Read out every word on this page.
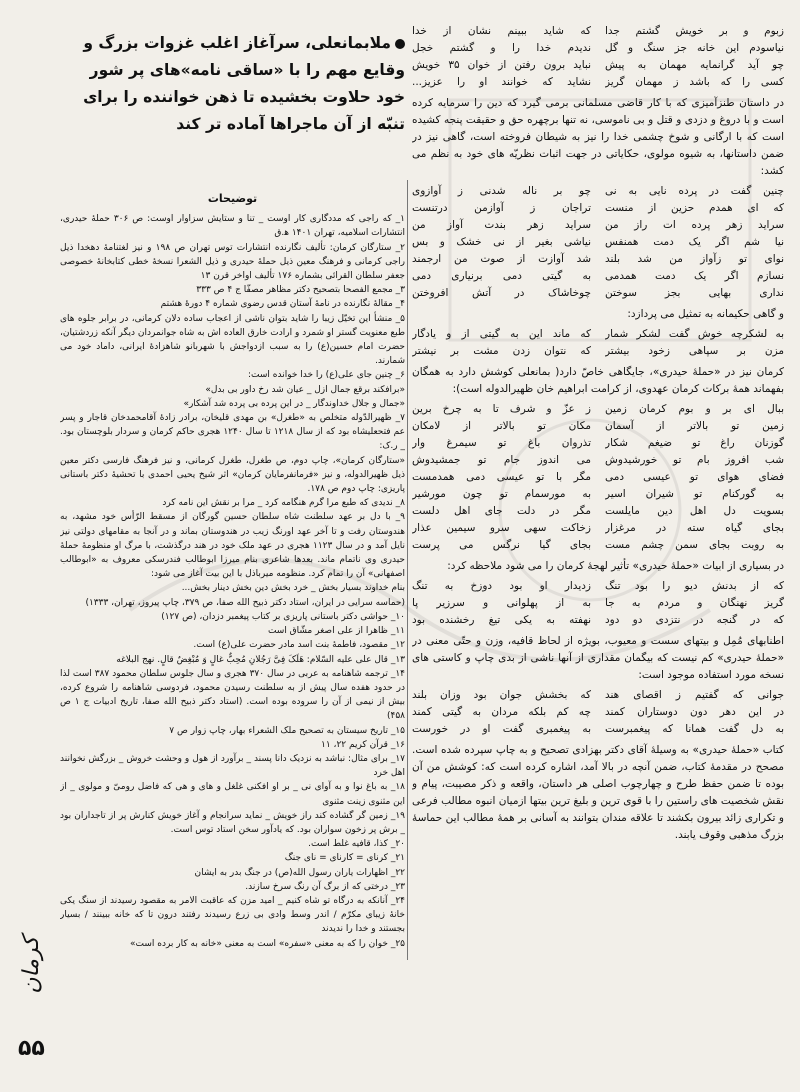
ملابمانعلی، سرآغاز اغلب غزوات بزرگ و وقایع مهم را با «ساقی نامه»های پر شور خود حلاوت بخشیده تا ذهن خواننده را برای تنبّه از آن ماجراها آماده تر کند
زبوم و بر خویش گشتم جدا
که شاید ببینم نشان از خدا
نیاسودم این خانه جز سنگ و گل
ندیدم خدا را و گشتم خجل
چو آید گرانمایه مهمان به پیش
نباید برون رفتن از خوان ۳۵ خویش
کسی را که باشد ز مهمان گریز
نشاید که خوانند او را عزیز...

در داستان طنزآمیزی که با کار قاضی مسلمانی برمی گیرد که دین را سرمایه کرده است و با دروغ و دزدی و قتل و بی ناموسی، نه تنها برچهره حق و حقیقت پنجه کشیده است که با ارگانی و شوخ چشمی خدا را نیز به شیطان فروخته است، گاهی نیز در ضمن داستانها، به شیوه مولوی، حکایاتی در جهت اثبات نظریّه های خود به نظم می کشد:

چنین گفت در پرده نایی به نی
چو بر ناله شدنی ز آوازوی
که ای همدم حزین از منست
تراجان ز آوازمن درتنست
سراید زهر پرده ات راز من
سراید زهر بندت آواز من
نیا شم اگر یک دمت همنفس
نیاشی بغیر از نی خشک و بس
نوای تو زآواز من شد بلند
شد آوازت از صوت من ارجمند
نسازم اگر یک دمت همدمی
به گیتی دمی برنیاری دمی
نداری بهایی بجز سوختن
چوخاشاک در آتش افروختن

و گاهی حکیمانه به تمثیل می پردازد:

به لشکرچه خوش گفت لشکر شمار
که ماند این به گیتی از و یادگار
مزن بر سپاهی زخود بیشتر
که نتوان زدن مشت بر نیشتر

کرمان نیز در «حملهٔ حیدری»، جایگاهی خاصّ دارد( بمانعلی کوشش دارد به همگان بفهماند همهٔ برکات کرمان عهدوی، از کرامت ابراهیم خان ظهیرالدوله است):

ببال ای بر و بوم کرمان زمین
ز عزّ و شرف تا به چرخ برین
زمین تو بالاتر از آسمان
مکان تو بالاتر از لامکان
گوزنان راغ تو ضیغم شکار
تذروان باغ تو سیمرغ وار
شب افروز بام تو خورشیدوش
می اندوز جام تو جمشیدوش
فضای هوای تو عیسی دمی
مگر با تو عیسی دمی همدمست
به گورکنام تو شیران اسیر
به مورسمام تو چون مورشیر
بسویت دل اهل دین مایلست
مگر در دلت جای اهل دلست
بجای گیاه سته در مرغزار
زخاکت سهی سرو سیمین عذار
به روبت بجای سمن چشم مست
بجای گیا نرگس می پرست

در بسیاری از ابیات «حملهٔ حیدری» تأثیر لهجهٔ کرمان را می شود ملاحظه کرد:

که از بدنش دیو را بود تنگ
زدیدار او بود دوزخ به تنگ
گریز نهنگان و مردم به جا
به از پهلوانی و سرزیر پا
که در گنجه در نتزدی دو دود
نهفته به یکی تیغ رخشنده بود

اطنابهای مُمِل و بیتهای سست و معیوب، بویژه از لحاظ قافیه، وزن و حتّی معنی در «حملهٔ حیدری» کم نیست که بیگمان مقداری از آنها ناشی از بدی چاپ و کاستی های نسخه مورد استفاده موجود است:

جوانی که گفتیم ز اقصای هند
که بخشش جوان بود وزان بلند
در این دهر دون دوستاران کمند
چه کم بلکه مردان به گیتی کمند
به دل گفت همانا که پیغمبرست
به پیغمبری گفت او در خورست

کتاب «حملهٔ حیدری» به وسیلهٔ آقای دکتر بهزادی تصحیح و به چاپ سپرده شده است. مصحح در مقدمهٔ کتاب، ضمن آنچه در بالا آمد، اشاره کرده است که: کوشش من آن بوده تا ضمن حفظ طرح و چهارچوب اصلی هر داستان، واقعه و ذکر مصیبت، پیام و نقش شخصیت های راستین را با قوی ترین و بلیغ ترین بیتها ازمیان انبوه مطالب فرعی و تکراری زائد بیرون بکشند تا علاقه مندان بتوانند به آسانی بر همهٔ مطالب این حماسهٔ بزرگ مذهبی وقوف یابند.

توضیحات

۱_ که راجی که مددگاری کار اوست _ تنا و ستایش سزاوار اوست: ص ۳۰۶ حملهٔ حیدری، انتشارات اسلامیه، تهران ۱۴۰۱ ه‍.ق

۲_ ستارگان کرمان: تألیف نگارنده انتشارات توس تهران ص ۱۹۸ و نیز لغتنامهٔ دهخدا ذیل راجی کرمانی و فرهنگ معین ذیل حملهٔ حیدری و ذیل الشعرا نسخهٔ خطی کتابخانهٔ خصوصی جعفر سلطان القرائی بشماره ۱۷۶ تألیف اواخر قرن ۱۳

۳_ مجمع الفصحا بتصحیح دکتر مظاهر مصفّا ج ۴ ص ۳۳۳

۴_ مقالهٔ نگارنده در نامهٔ آستان قدس رضوی شماره ۴ دورهٔ هشتم

۵_ منشأ این تخیّل زیبا را شاید بتوان ناشی از اعجاب ساده دلان کرمانی، در برابر جلوه های طبع معنویت گستر او شمرد و ارادت خارق العاده اش به شاه جوانمردان دیگر آنکه زردشتیان، حضرت امام حسین(ع) را به سبب ازدواجش با شهربانو شاهزادهٔ ایرانی، داماد خود می شمارند.

۶_ چنین جای علی(ع) را خدا خوانده است:

«برافکند برقع جمال ازل _ عیان شد رخ داور بی بدل»

«جمال و جلال خداوندگار _ در این پرده بی پرده شد آشکار»

۷_ ظهیرالدّوله متخلص به «طغرل» بن مهدی قلیخان، برادر زادهٔ آقامحمدخان قاجار و پسر عم فتحعلیشاه بود که از سال ۱۲۱۸ تا سال ۱۲۴۰ هجری حاکم کرمان و سردار بلوچستان بود. _ ر.ک:

«ستارگان کرمان»، چاپ دوم، ص طغرل، طغرل کرمانی، و نیز فرهنگ فارسی دکتر معین ذیل ظهیرالدوله، و نیز «فرمانفرمایان کرمان» اثر شیخ یحیی احمدی با تحشیهٔ دکتر باستانی پاریزی: چاپ دوم ص ۱۷۸.

۸_ ندیدی که طبع مرا گرم هنگامه کرد _ مرا بر نقش این نامه کرد

۹_ با دل بر عهد سلطنت شاه سلطان حسین گورگان از مسقط الرّأس خود مشهد، به هندوستان رفت و تا آخر عهد اورنگ زیب در هندوستان بماند و در آنجا به مقامهای دولتی نیز نایل آمد و در سال ۱۱۲۳ هجری در عهد ملک خود در هند درگذشت، با مرگ او منظومهٔ حملهٔ حیدری وی ناتمام ماند. بعدها شاعری بنام میرزا ابوطالب فندرسکی معروف به «ابوطالب اصفهانی» آن را تمام کرد. منظومه میرباذل با این بیت آغاز می شود:

بنام خداوند بسیار بخش _ خرد بخش دین بخش دینار بخش...

(حماسه سرایی در ایران، استاد دکتر ذبیح الله صفا، ص ۳۷۹، چاپ پیروز، تهران، ۱۳۳۳)

۱۰_ حواشی دکتر باستانی پاریزی بر کتاب پیغمبر دزدان، (ص ۱۲۷)

۱۱_ ظاهرا از علی اصغر مشّاق است

۱۲_ مقصود، فاطمهٔ بنت اسد مادر حضرت علی(ع) است.

۱۳_ قال علی علیه السّلام: هَلَکَ فِیَّ رَجُلانِ مُحِبٌّ غالٍ وَ مُبْغِضٌ قالٍ. نهج البلاغه

۱۴_ ترجمه شاهنامه به عربی در سال ۳۷۰ هجری و سال جلوس سلطان محمود ۳۸۷ است لذا در حدود هفده سال پیش از به سلطنت رسیدن محمود، فردوسی شاهنامه را شروع کرده، بیش از نیمی از آن را سروده بوده است. (استاد دکتر ذبیح الله صفا، تاریخ ادبیات ج ۱ ص ۴۵۸)

۱۵_ تاریخ سیستان به تصحیح ملک الشعراء بهار، چاپ زوار ص ۷

۱۶_ قرآن کریم ۲۲، ۱۱

۱۷_ برای مثال: نباشد به نزدیک دانا پسند _ برآورد از هول و وحشت خروش _ بزرگش نخوانند اهل خرد

۱۸_ به باغ نوا و به آوای نی _ بر او افکنی غلغل و های و هی که فاضل رومیّ و مولوی _ از این مثنوی زینت مثنوی

۱۹_ زمین گر گشاده کند راز خویش _ نماید سرانجام و آغاز خویش کنارش پر از تاجداران بود _ برش پر زخون سواران بود. که یادآور سخن استاد توس است.

۲۰_ کذا، قافیه غلط است.

۲۱_ کرنای = کارنای = نای جنگ

۲۲_ اظهارات یاران رسول الله(ص) در جنگ بدر به ایشان

۲۳_ درختی که از برگ آن رنگ سرخ سازند.

۲۴_ آنانکه به درگاه تو شاه کنیم _ امید مزن که عاقبت الامر به مقصود رسیدند از سنگ یکی خانهٔ زیبای مکرّم / اندر وسط وادی بی زرع رسیدند رفتند درون تا که خانه ببینند / بسیار بجستند و خدا را ندیدند

۲۵_ خوان را که به معنی «سفره» است به معنی «خانه به کار برده است»

کرمان
۵۵
